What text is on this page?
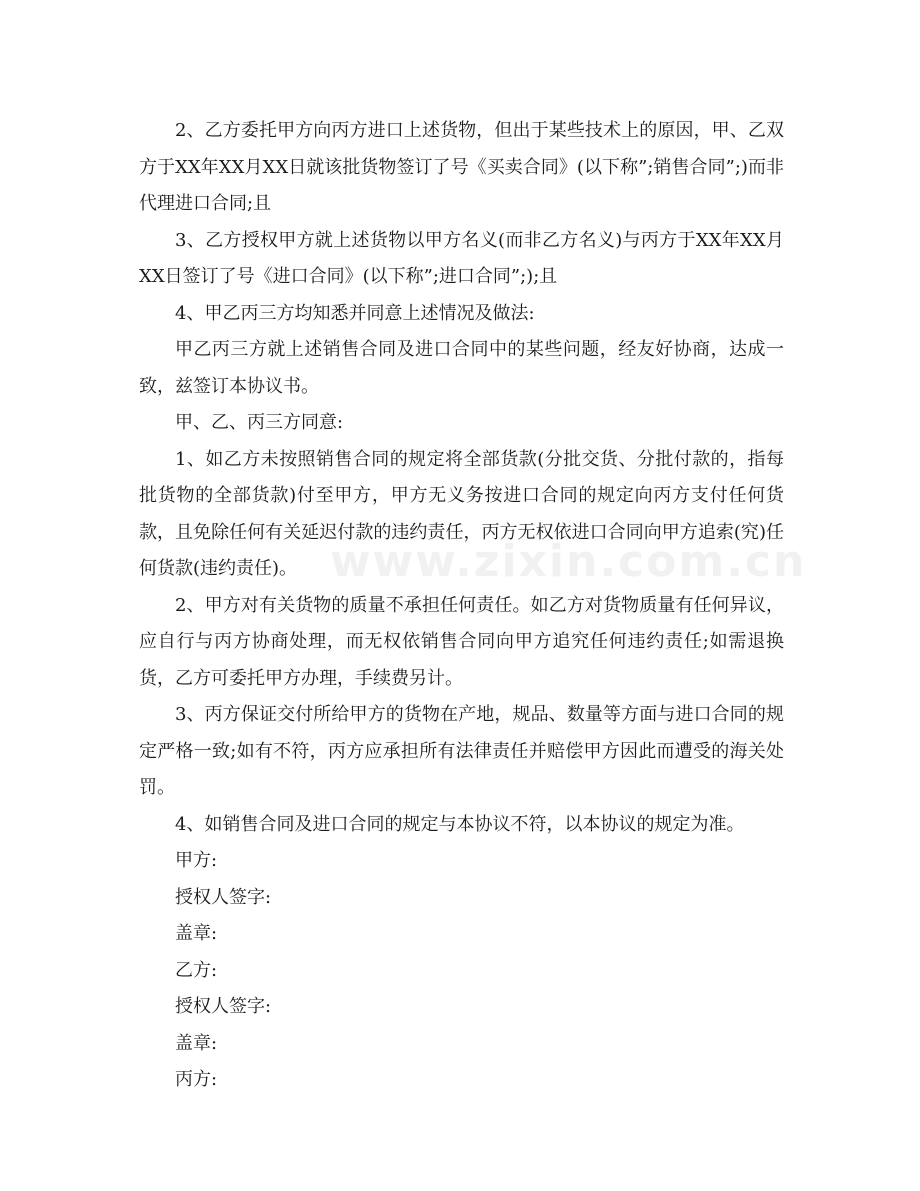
2、乙方委托甲方向丙方进口上述货物，但出于某些技术上的原因，甲、乙双方于XX年XX月XX日就该批货物签订了号《买卖合同》(以下称”;销售合同”;)而非代理进口合同;且

3、乙方授权甲方就上述货物以甲方名义(而非乙方名义)与丙方于XX年XX月XX日签订了号《进口合同》(以下称”;进口合同”;);且

4、甲乙丙三方均知悉并同意上述情况及做法:

甲乙丙三方就上述销售合同及进口合同中的某些问题，经友好协商，达成一致，兹签订本协议书。

甲、乙、丙三方同意:

1、如乙方未按照销售合同的规定将全部货款(分批交货、分批付款的，指每批货物的全部货款)付至甲方，甲方无义务按进口合同的规定向丙方支付任何货款，且免除任何有关延迟付款的违约责任，丙方无权依进口合同向甲方追索(究)任何货款(违约责任)。

2、甲方对有关货物的质量不承担任何责任。如乙方对货物质量有任何异议，应自行与丙方协商处理，而无权依销售合同向甲方追究任何违约责任;如需退换货，乙方可委托甲方办理，手续费另计。

3、丙方保证交付所给甲方的货物在产地，规品、数量等方面与进口合同的规定严格一致;如有不符，丙方应承担所有法律责任并赔偿甲方因此而遭受的海关处罚。

4、如销售合同及进口合同的规定与本协议不符，以本协议的规定为准。

甲方:

授权人签字:

盖章:

乙方:

授权人签字:

盖章:

丙方:

www.zixin.com.cn
